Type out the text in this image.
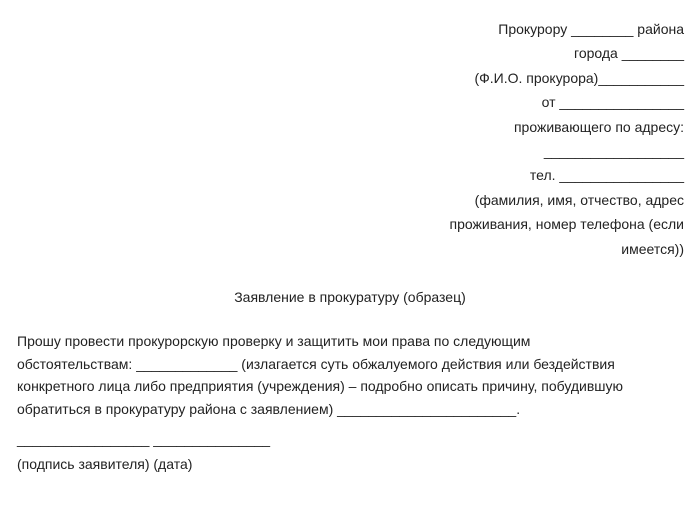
Прокурору ________ района
города ________
(Ф.И.О. прокурора)___________
от ________________
проживающего по адресу:
__________________
тел. ________________
(фамилия, имя, отчество, адрес
проживания, номер телефона (если
имеется))
Заявление в прокуратуру (образец)
Прошу провести прокурорскую проверку и защитить мои права по следующим
обстоятельствам: _____________ (излагается суть обжалуемого действия или бездействия
конкретного лица либо предприятия (учреждения) – подробно описать причину, побудившую
обратиться в прокуратуру района с заявлением) _______________________.
_________________ _______________
(подпись заявителя) (дата)
